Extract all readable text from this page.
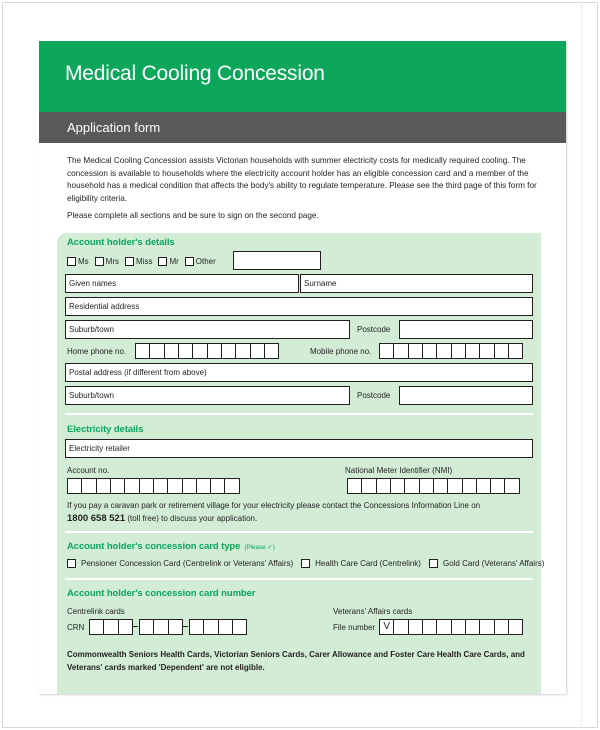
Medical Cooling Concession
Application form

The Medical Cooling Concession assists Victorian households with summer electricity costs for medically required cooling. The concession is available to households where the electricity account holder has an eligible concession card and a member of the household has a medical condition that affects the body's ability to regulate temperature. Please see the third page of this form for eligibility criteria.

Please complete all sections and be sure to sign on the second page.

Account holder's details
Ms Mrs Miss Mr Other
Given names	Surname
Residential address
Suburb/town	Postcode
Home phone no.	Mobile phone no.
Postal address (if different from above)
Suburb/town	Postcode
Electricity details
Electricity retailer
Account no.	National Meter Identifier (NMI)
If you pay a caravan park or retirement village for your electricity please contact the Concessions Information Line on
1800 658 521 (toll free) to discuss your application.
Account holder's concession card type (Please ✓)
Pensioner Concession Card (Centrelink or Veterans' Affairs)	Health Care Card (Centrelink)	Gold Card (Veterans' Affairs)
Account holder's concession card number
Centrelink cards
CRN
Veterans' Affairs cards
File number V
Commonwealth Seniors Health Cards, Victorian Seniors Cards, Carer Allowance and Foster Care Health Care Cards, and Veterans' cards marked 'Dependent' are not eligible.
